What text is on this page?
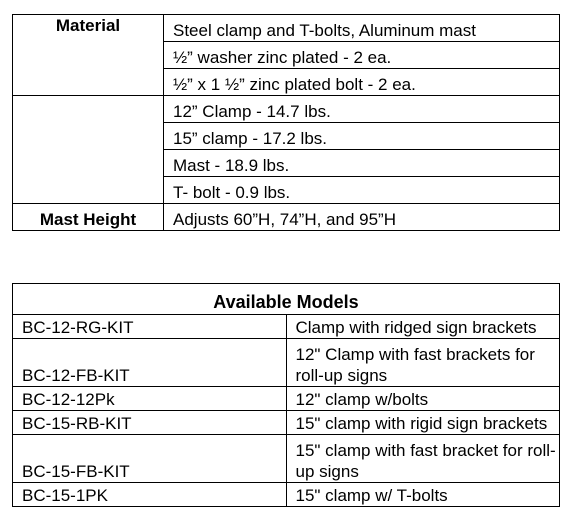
Material	Steel clamp and T-bolts, Aluminum mast
	½” washer zinc plated - 2 ea.
	½” x 1 ½” zinc plated bolt - 2 ea.
	12” Clamp - 14.7 lbs.
	15” clamp - 17.2 lbs.
	Mast - 18.9 lbs.
	T- bolt - 0.9 lbs.
Mast Height	Adjusts 60”H, 74”H, and 95”H
Available Models	
BC-12-RG-KIT	Clamp with ridged sign brackets
BC-12-FB-KIT	12" Clamp with fast brackets for roll-up signs
BC-12-12Pk	12" clamp w/bolts
BC-15-RB-KIT	15" clamp with rigid sign brackets
BC-15-FB-KIT	15" clamp with fast bracket for roll-up signs
BC-15-1PK	15" clamp w/ T-bolts
